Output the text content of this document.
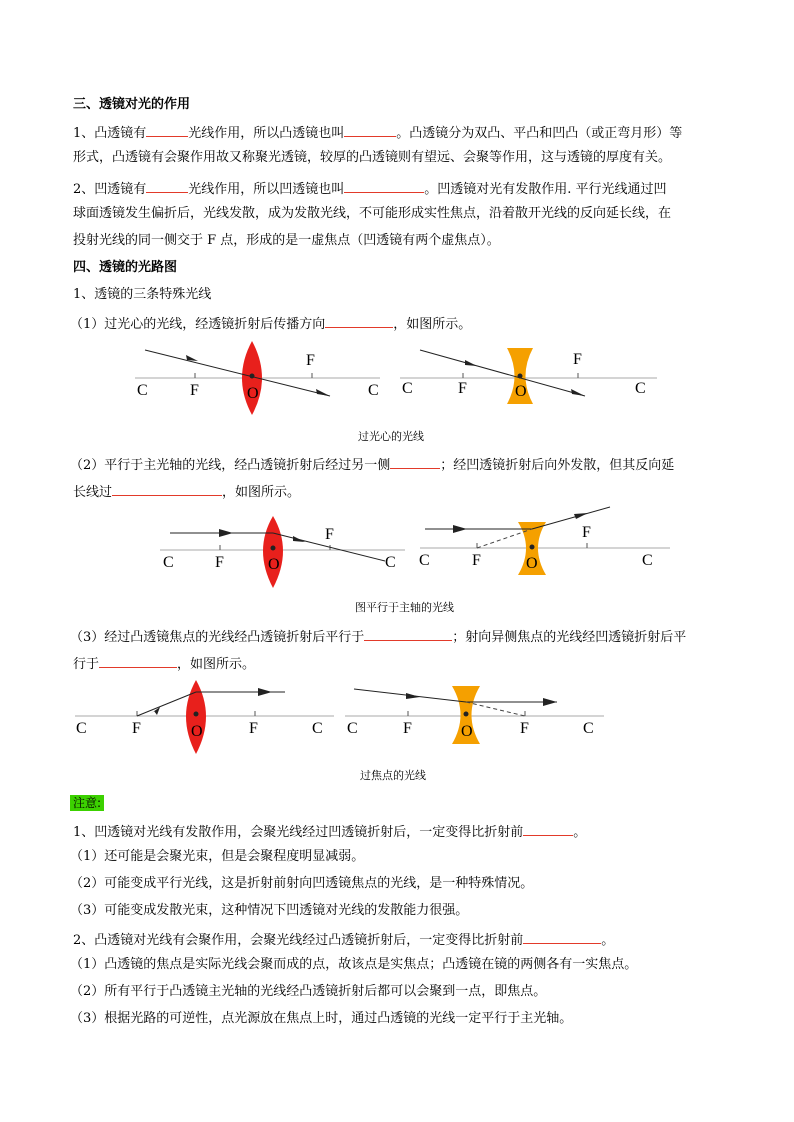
三、透镜对光的作用
1、凸透镜有	光线作用，所以凸透镜也叫	。凸透镜分为双凸、平凸和凹凸（或正弯月形）等
形式，凸透镜有会聚作用故又称聚光透镜，较厚的凸透镜则有望远、会聚等作用，这与透镜的厚度有关。
2、凹透镜有	光线作用，所以凹透镜也叫	。凹透镜对光有发散作用. 平行光线通过凹
球面透镜发生偏折后，光线发散，成为发散光线，不可能形成实性焦点，沿着散开光线的反向延长线，在
投射光线的同一侧交于 F 点，形成的是一虚焦点（凹透镜有两个虚焦点）。
四、透镜的光路图
1、透镜的三条特殊光线
（1）过光心的光线，经透镜折射后传播方向	，如图所示。
C	F	O
F
C C	F	O
F
C
过光心的光线
（2）平行于主光轴的光线，经凸透镜折射后经过另一侧	；经凹透镜折射后向外发散，但其反向延
长线过	，如图所示。
C	F	O
F
C C	F	O
F
C
图平行于主轴的光线
（3）经过凸透镜焦点的光线经凸透镜折射后平行于	；射向异侧焦点的光线经凹透镜折射后平
行于	，如图所示。
C	F	O	F	C C	F	O	F	C
过焦点的光线
注意:
1、凹透镜对光线有发散作用，会聚光线经过凹透镜折射后，一定变得比折射前	。
（1）还可能是会聚光束，但是会聚程度明显减弱。
（2）可能变成平行光线，这是折射前射向凹透镜焦点的光线，是一种特殊情况。
（3）可能变成发散光束，这种情况下凹透镜对光线的发散能力很强。
2、凸透镜对光线有会聚作用，会聚光线经过凸透镜折射后，一定变得比折射前	。
（1）凸透镜的焦点是实际光线会聚而成的点，故该点是实焦点；凸透镜在镜的两侧各有一实焦点。
（2）所有平行于凸透镜主光轴的光线经凸透镜折射后都可以会聚到一点，即焦点。
（3）根据光路的可逆性，点光源放在焦点上时，通过凸透镜的光线一定平行于主光轴。
